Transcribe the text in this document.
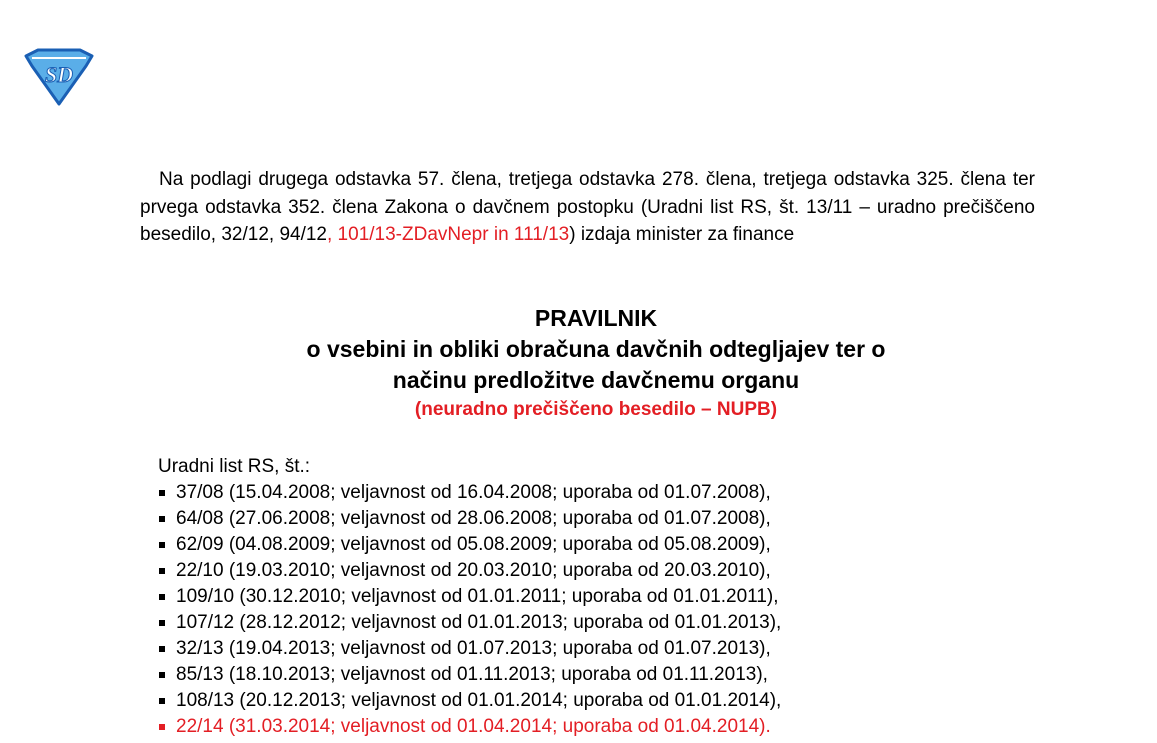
SD

Na podlagi drugega odstavka 57. člena, tretjega odstavka 278. člena, tretjega odstavka 325. člena ter prvega odstavka 352. člena Zakona o davčnem postopku (Uradni list RS, št. 13/11 – uradno prečiščeno besedilo, 32/12, 94/12, 101/13-ZDavNepr in 111/13) izdaja minister za finance

PRAVILNIK
o vsebini in obliki obračuna davčnih odtegljajev ter o načinu predložitve davčnemu organu
(neuradno prečiščeno besedilo – NUPB)

Uradni list RS, št.:

37/08 (15.04.2008; veljavnost od 16.04.2008; uporaba od 01.07.2008),
64/08 (27.06.2008; veljavnost od 28.06.2008; uporaba od 01.07.2008),
62/09 (04.08.2009; veljavnost od 05.08.2009; uporaba od 05.08.2009),
22/10 (19.03.2010; veljavnost od 20.03.2010; uporaba od 20.03.2010),
109/10 (30.12.2010; veljavnost od 01.01.2011; uporaba od 01.01.2011),
107/12 (28.12.2012; veljavnost od 01.01.2013; uporaba od 01.01.2013),
32/13 (19.04.2013; veljavnost od 01.07.2013; uporaba od 01.07.2013),
85/13 (18.10.2013; veljavnost od 01.11.2013; uporaba od 01.11.2013),
108/13 (20.12.2013; veljavnost od 01.01.2014; uporaba od 01.01.2014),
22/14 (31.03.2014; veljavnost od 01.04.2014; uporaba od 01.04.2014).
